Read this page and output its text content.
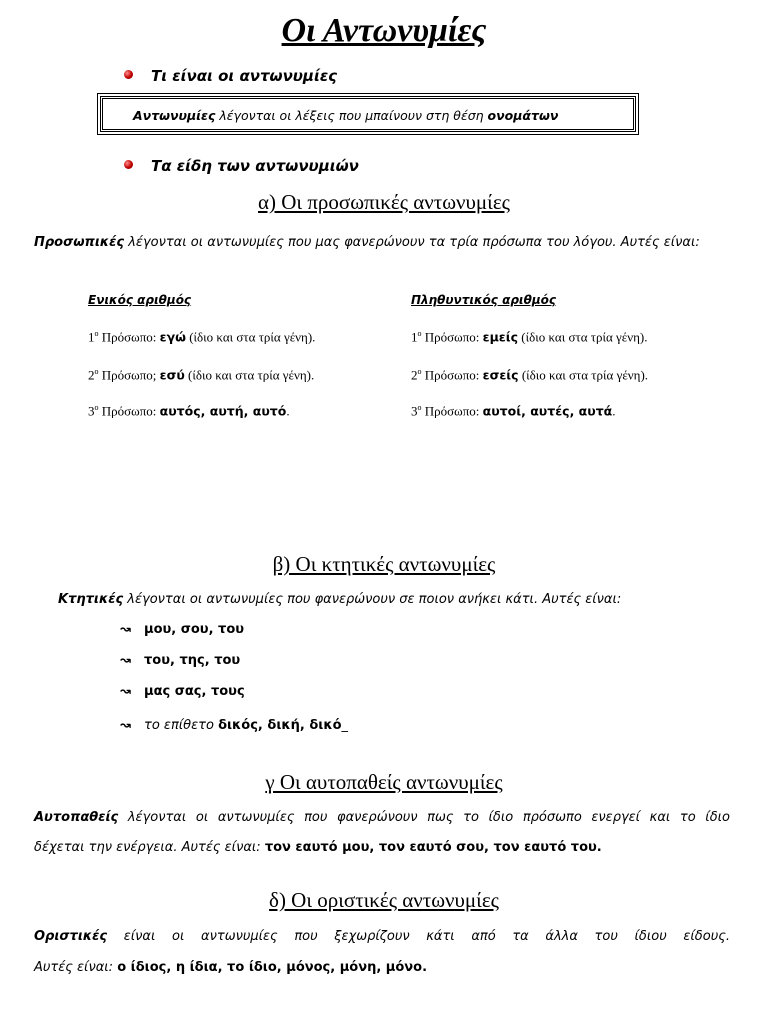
Οι Αντωνυμίες
Τι είναι οι αντωνυμίες
Αντωνυμίες λέγονται οι λέξεις που μπαίνουν στη θέση ονομάτων
Τα είδη των αντωνυμιών
α) Οι προσωπικές αντωνυμίες
Προσωπικές λέγονται οι αντωνυμίες που μας φανερώνουν τα τρία πρόσωπα του λόγου. Αυτές είναι:
Ενικός αριθμός	Πληθυντικός αριθμός
$1^o$ Πρόσωπο: εγώ (ίδιο και στα τρία γένη).
$2^o$ Πρόσωπο; εσύ (ίδιο και στα τρία γένη).
$3^o$ Πρόσωπο: αυτός, αυτή, αυτό.
$1^o$ Πρόσωπο: εμείς (ίδιο και στα τρία γένη).
$2^o$ Πρόσωπο: εσείς (ίδιο και στα τρία γένη).
$3^o$ Πρόσωπο: αυτοί, αυτές, αυτά.
β) Οι κτητικές αντωνυμίες
Κτητικές λέγονται οι αντωνυμίες που φανερώνουν σε ποιον ανήκει κάτι. Αυτές είναι:
↝ μου, σου, του
↝ του, της, του
↝ μας σας, τους
↝ το επίθετο δικός, δική, δικό_
γ Οι αυτοπαθείς αντωνυμίες
Αυτοπαθείς λέγονται οι αντωνυμίες που φανερώνουν πως το ίδιο πρόσωπο ενεργεί και το ίδιο
δέχεται την ενέργεια. Αυτές είναι: τον εαυτό μου, τον εαυτό σου, τον εαυτό του.
δ) Οι οριστικές αντωνυμίες
Οριστικές είναι οι αντωνυμίες που ξεχωρίζουν κάτι από τα άλλα του ίδιου είδους.
Αυτές είναι: ο ίδιος, η ίδια, το ίδιο, μόνος, μόνη, μόνο.
